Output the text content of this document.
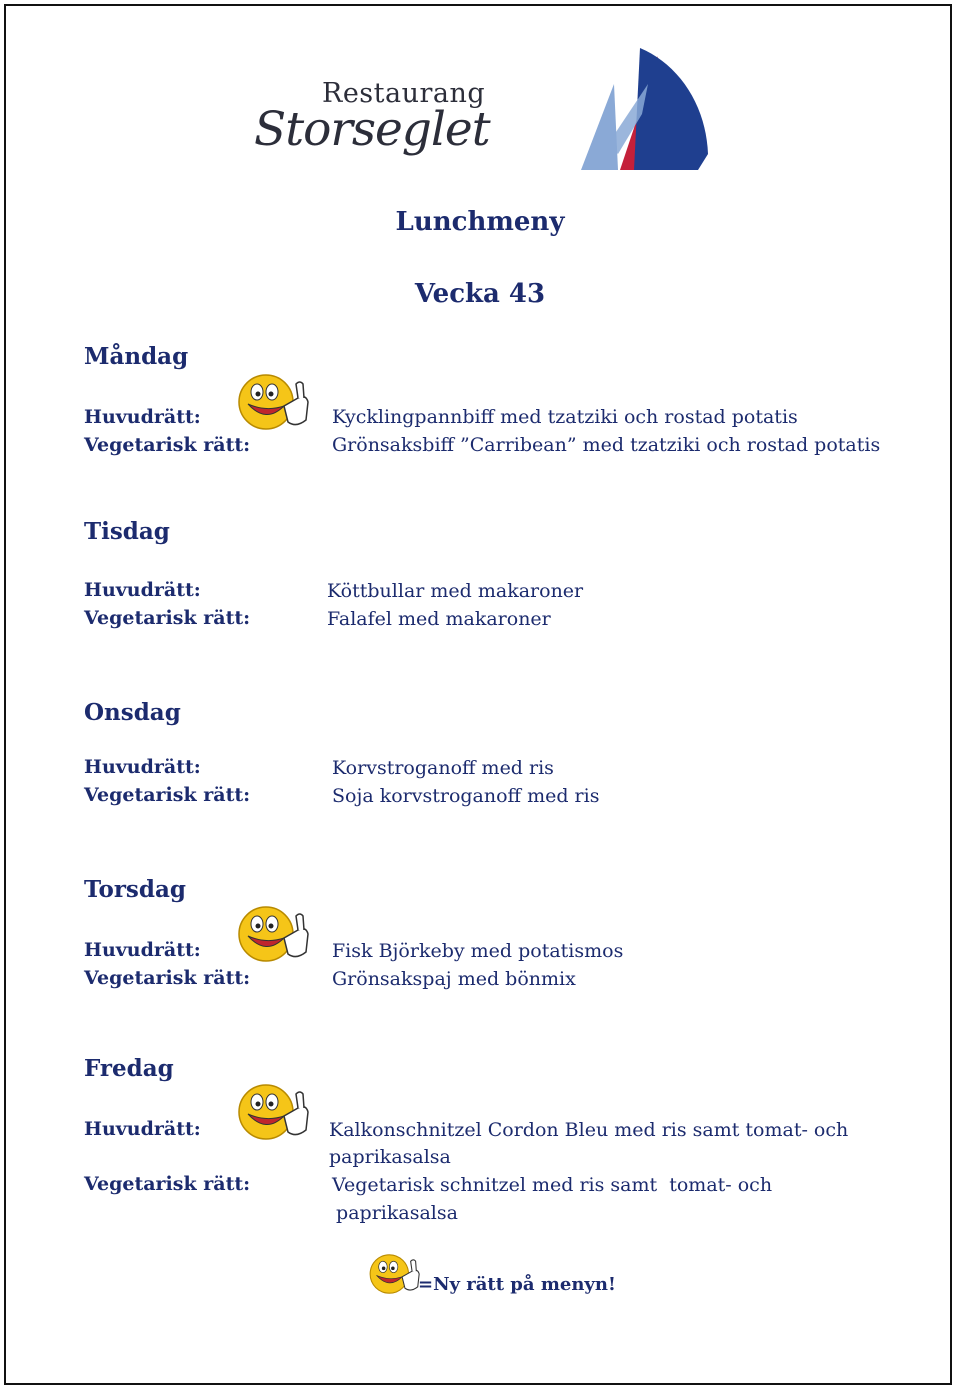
Restaurang
Storseglet
Lunchmeny
Vecka 43
Måndag
Huvudrätt:
Vegetarisk rätt:
Kycklingpannbiff med tzatziki och rostad potatis
Grönsaksbiff ”Carribean” med tzatziki och rostad potatis
Tisdag
Huvudrätt:
Vegetarisk rätt:
Köttbullar med makaroner
Falafel med makaroner
Onsdag
Huvudrätt:
Vegetarisk rätt:
Korvstroganoff med ris
Soja korvstroganoff med ris
Torsdag
Huvudrätt:
Vegetarisk rätt:
Fisk Björkeby med potatismos
Grönsakspaj med bönmix
Fredag
Huvudrätt:
Vegetarisk rätt:
Kalkonschnitzel Cordon Bleu med ris samt tomat- och
paprikasalsa
Vegetarisk schnitzel med ris samt  tomat- och
paprikasalsa
=Ny rätt på menyn!
